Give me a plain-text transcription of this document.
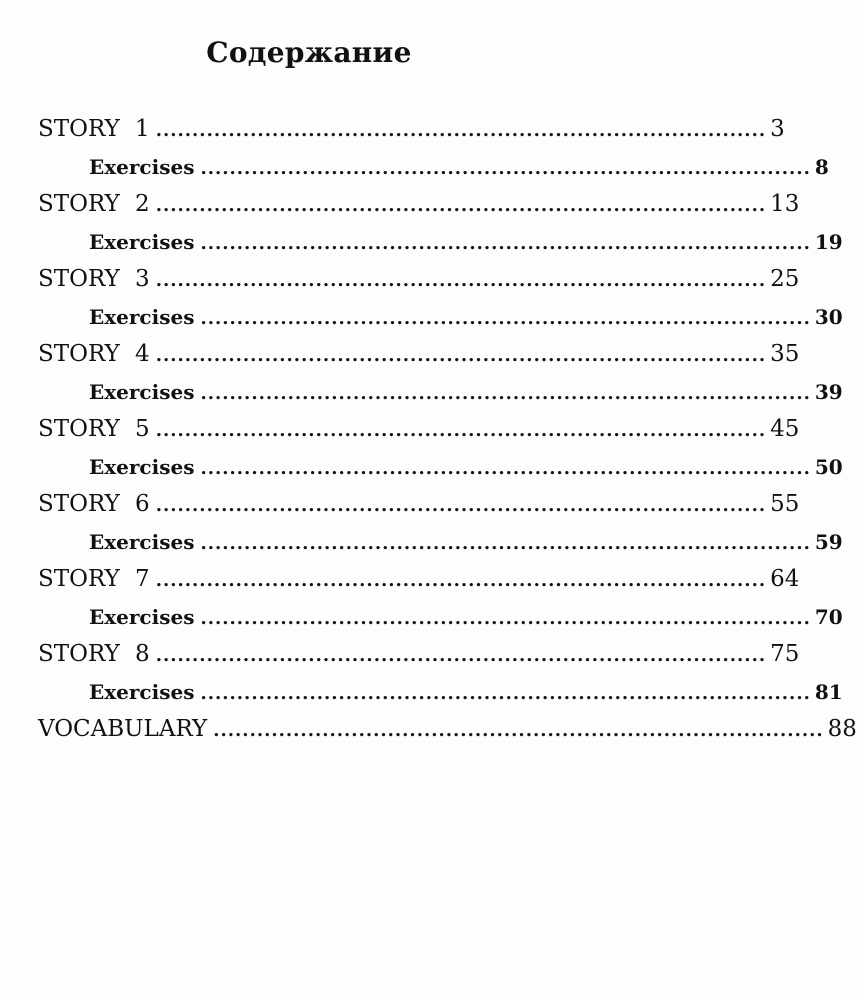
Содержание
STORY 1 .................................................................................... 3
Exercises .................................................................................... 8
STORY 2 .................................................................................... 13
Exercises .................................................................................... 19
STORY 3 .................................................................................... 25
Exercises .................................................................................... 30
STORY 4 .................................................................................... 35
Exercises .................................................................................... 39
STORY 5 .................................................................................... 45
Exercises .................................................................................... 50
STORY 6 .................................................................................... 55
Exercises .................................................................................... 59
STORY 7 .................................................................................... 64
Exercises .................................................................................... 70
STORY 8 .................................................................................... 75
Exercises .................................................................................... 81
VOCABULARY .................................................................................... 88
